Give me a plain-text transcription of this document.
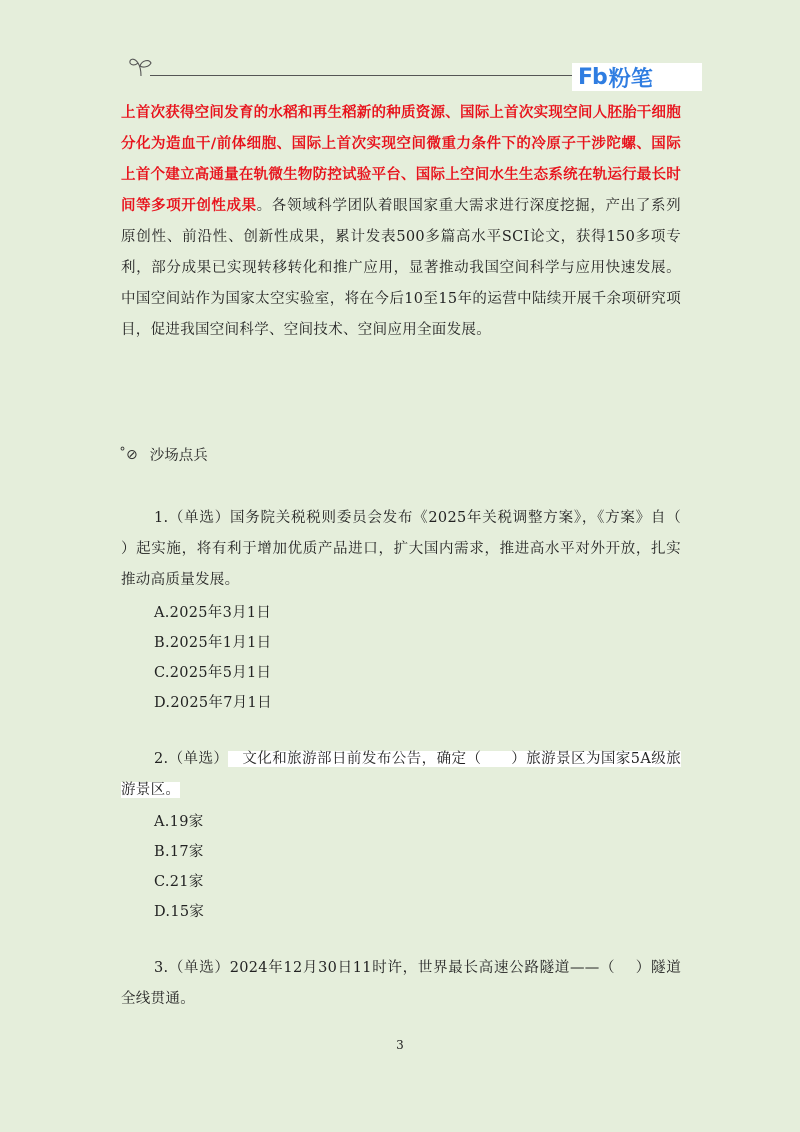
Fb 粉笔
上首次获得空间发育的水稻和再生稻新的种质资源、国际上首次实现空间人胚胎干细胞分化为造血干/前体细胞、国际上首次实现空间微重力条件下的冷原子干涉陀螺、国际上首个建立高通量在轨微生物防控试验平台、国际上空间水生生态系统在轨运行最长时间等多项开创性成果。各领域科学团队着眼国家重大需求进行深度挖掘，产出了系列原创性、前沿性、创新性成果，累计发表500多篇高水平SCI论文，获得150多项专利，部分成果已实现转移转化和推广应用，显著推动我国空间科学与应用快速发展。中国空间站作为国家太空实验室，将在今后10至15年的运营中陆续开展千余项研究项目，促进我国空间科学、空间技术、空间应用全面发展。
˚⊘ 沙场点兵
1.（单选）国务院关税税则委员会发布《2025年关税调整方案》，《方案》自（　 ）起实施，将有利于增加优质产品进口，扩大国内需求，推进高水平对外开放，扎实推动高质量发展。
A.2025年3月1日
B.2025年1月1日
C.2025年5月1日
D.2025年7月1日
2.（单选） 文化和旅游部日前发布公告，确定（　　）旅游景区为国家5A级旅游景区。
A.19家
B.17家
C.21家
D.15家
3.（单选）2024年12月30日11时许，世界最长高速公路隧道——（　 ）隧道全线贯通。
3
